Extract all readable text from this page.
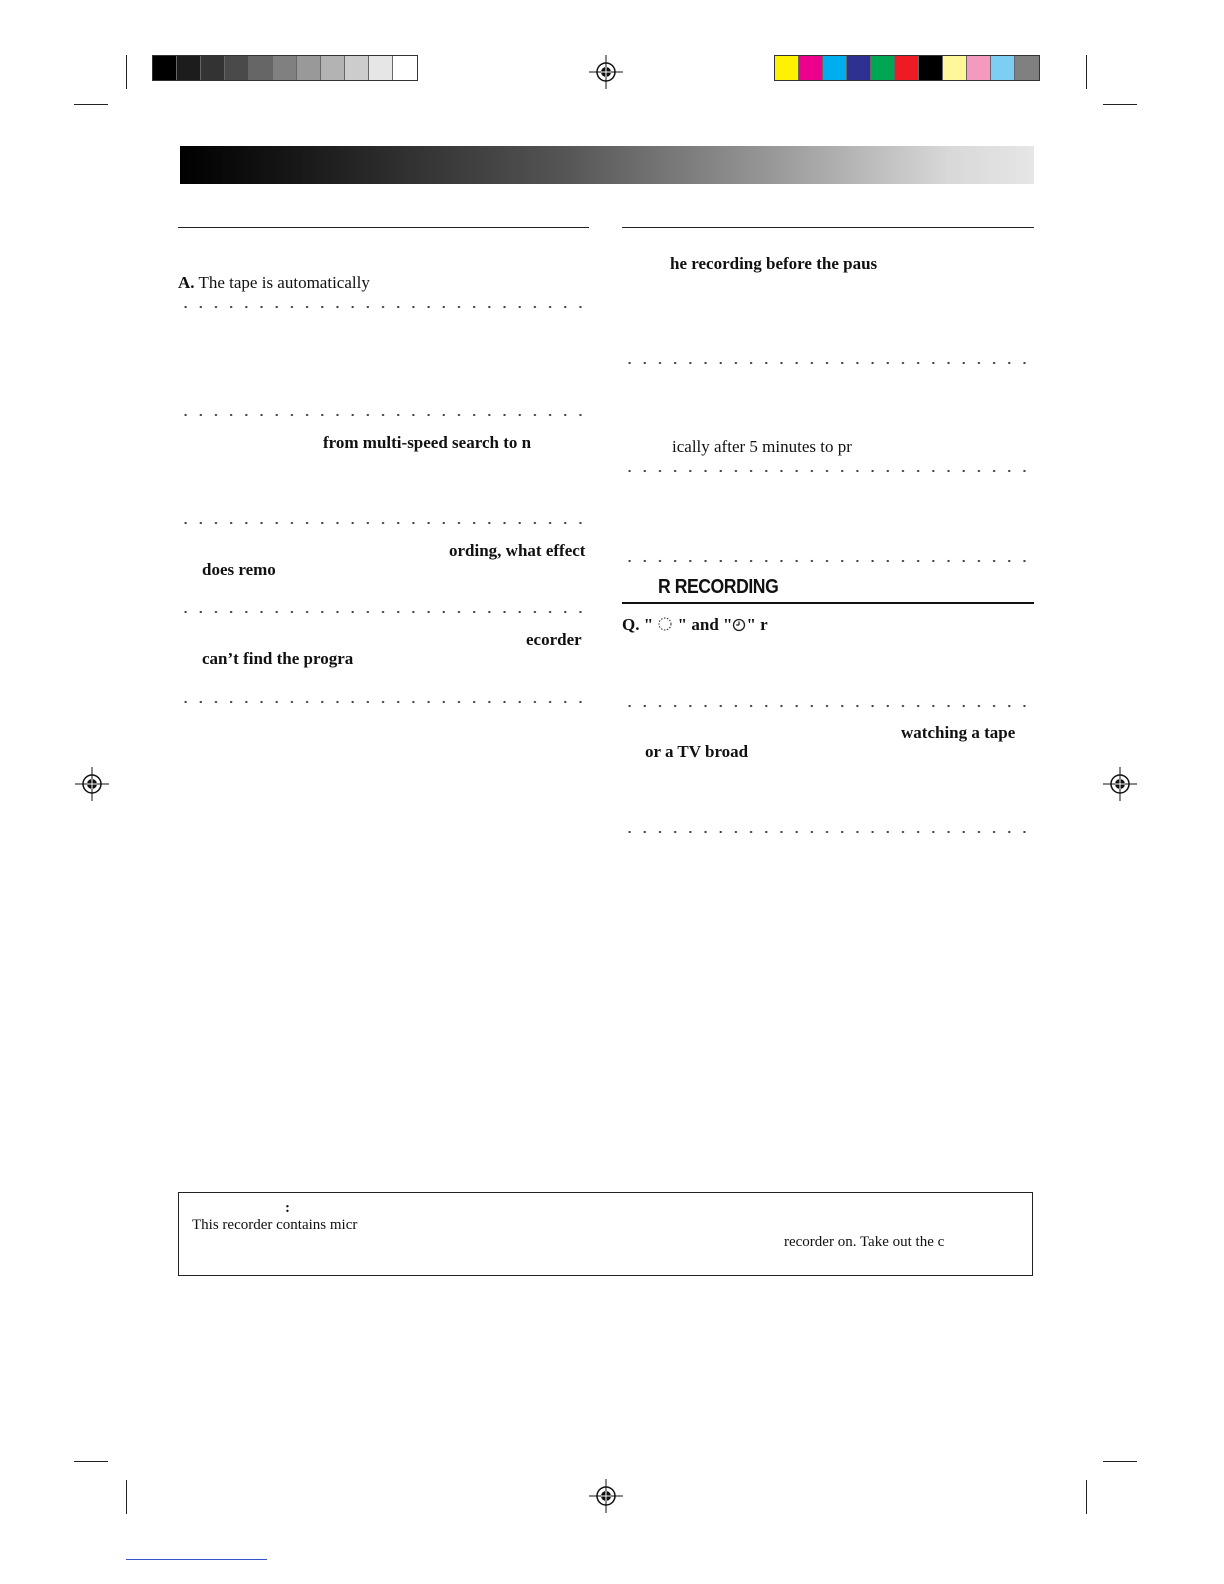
A. The tape is automatically
from multi-speed search to n
ording, what effect
does remo
ecorder
can’t find the progra
he recording before the paus
ically after 5 minutes to pr
R RECORDING
Q. " " and " " r
watching a tape
or a TV broad
:
This recorder contains micr
recorder on. Take out the c
